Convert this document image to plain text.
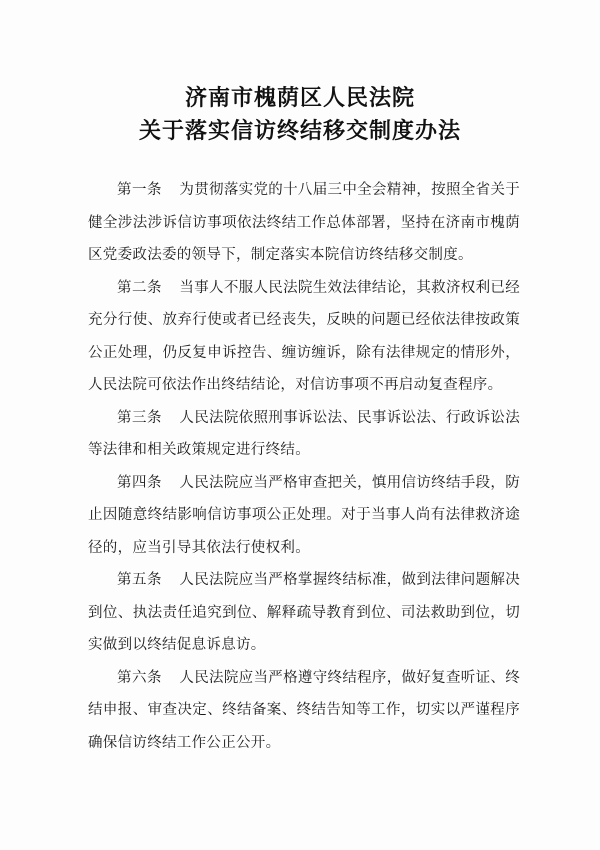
济南市槐荫区人民法院
关于落实信访终结移交制度办法

第一条 为贯彻落实党的十八届三中全会精神，按照全省关于健全涉法涉诉信访事项依法终结工作总体部署，坚持在济南市槐荫区党委政法委的领导下，制定落实本院信访终结移交制度。

第二条 当事人不服人民法院生效法律结论，其救济权利已经充分行使、放弃行使或者已经丧失，反映的问题已经依法律按政策公正处理，仍反复申诉控告、缠访缠诉，除有法律规定的情形外，人民法院可依法作出终结结论，对信访事项不再启动复查程序。

第三条 人民法院依照刑事诉讼法、民事诉讼法、行政诉讼法等法律和相关政策规定进行终结。

第四条 人民法院应当严格审查把关，慎用信访终结手段，防止因随意终结影响信访事项公正处理。对于当事人尚有法律救济途径的，应当引导其依法行使权利。

第五条 人民法院应当严格掌握终结标准，做到法律问题解决到位、执法责任追究到位、解释疏导教育到位、司法救助到位，切实做到以终结促息诉息访。

第六条 人民法院应当严格遵守终结程序，做好复查听证、终结申报、审查决定、终结备案、终结告知等工作，切实以严谨程序确保信访终结工作公正公开。
